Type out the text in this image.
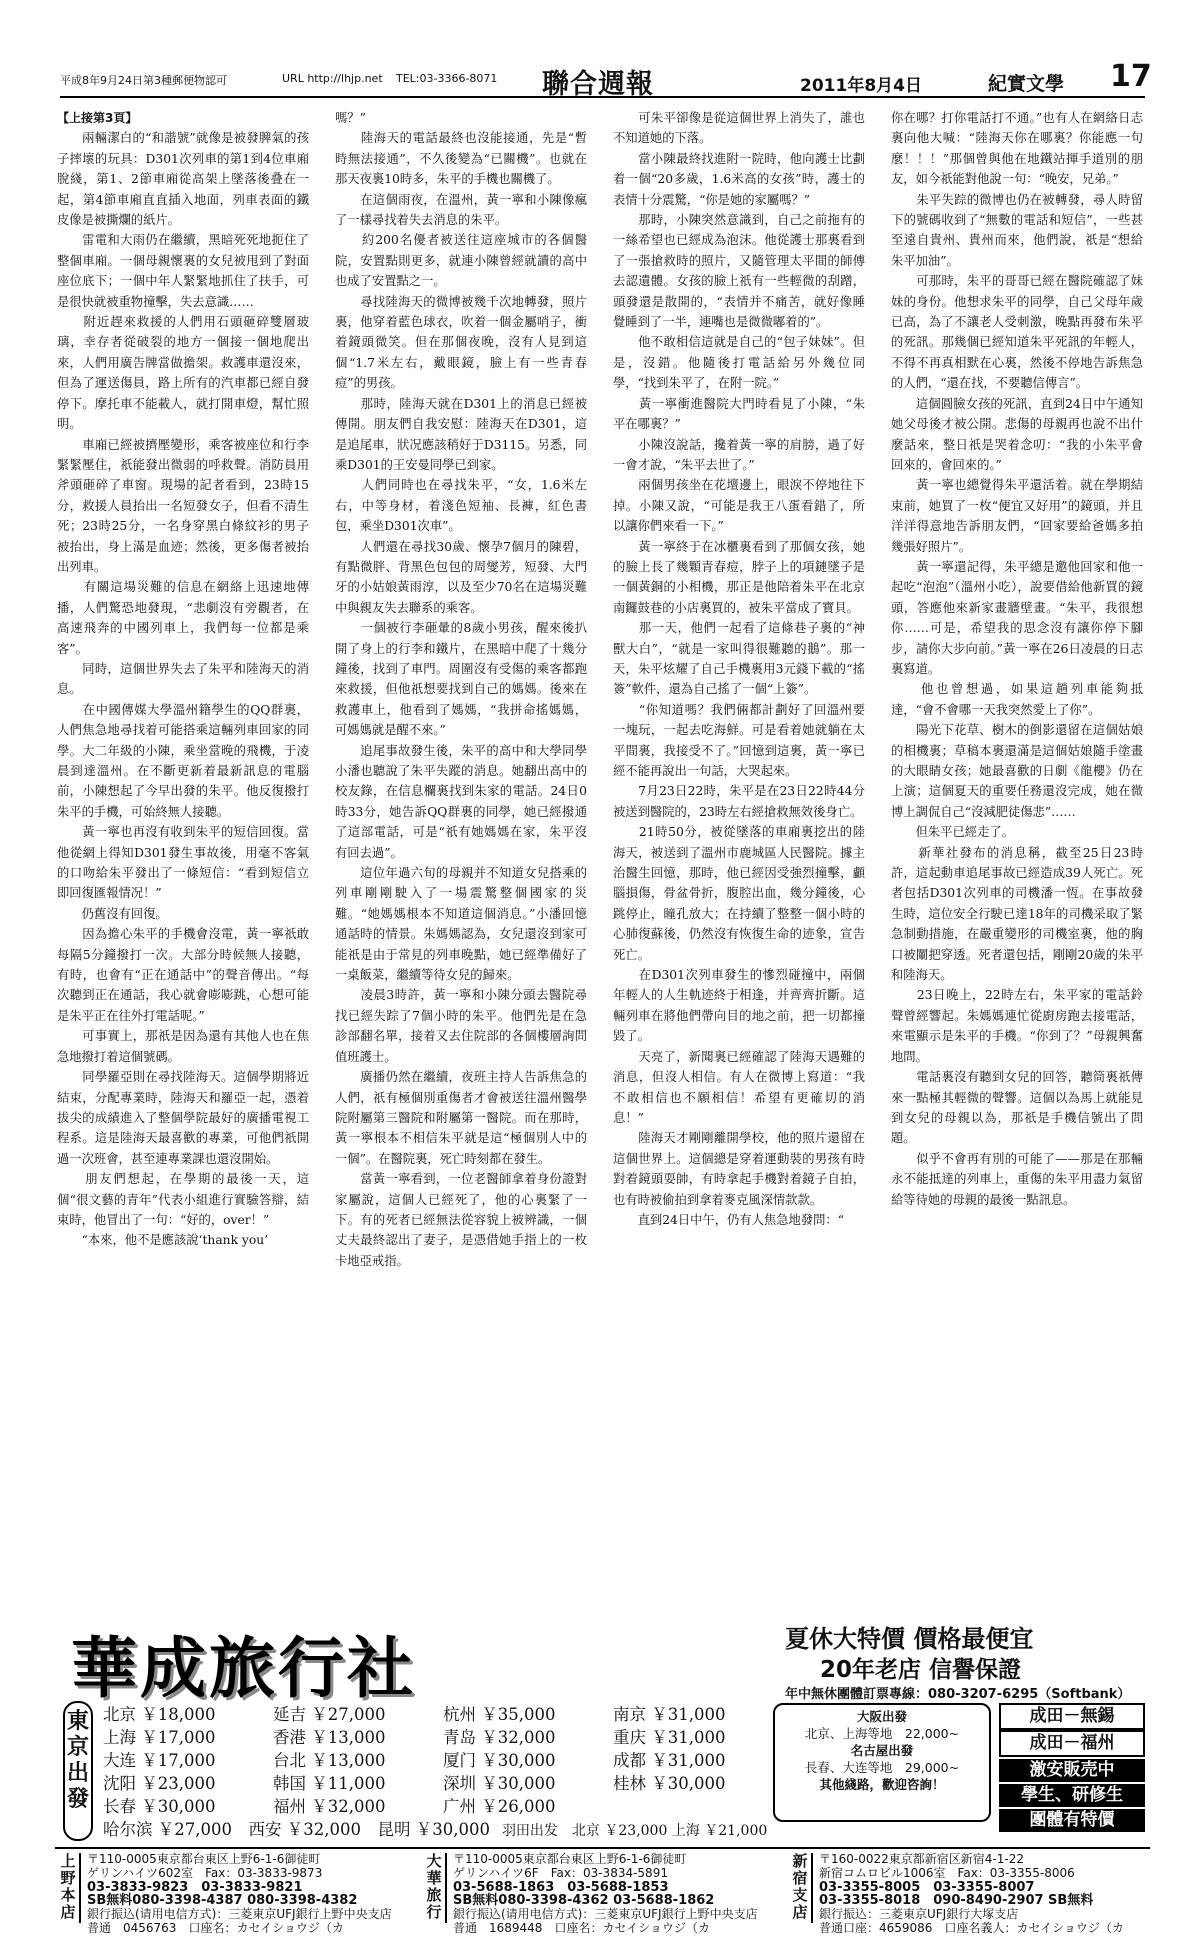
平成8年9月24日第3種郵便物認可	URL http://lhjp.net TEL:03-3366-8071 聯合週報	2011年8月4日	紀實文學 17
【上接第3頁】
　　兩輛潔白的“和諧號”就像是被發脾氣的孩子摔壞的玩具：D301次列車的第1到4位車廂脫綫，第1、2節車廂從高架上墜落後叠在一起，第4節車廂直直插入地面，列車表面的鐵皮像是被撕爛的紙片。
　　雷電和大雨仍在繼續，黑暗死死地扼住了整個車廂。一個母親懷裏的女兒被甩到了對面座位底下；一個中年人緊緊地抓住了扶手，可是很快就被重物撞擊，失去意識……
　　附近趕來救援的人們用石頭砸碎雙層玻璃，幸存者從破裂的地方一個接一個地爬出來，人們用廣告牌當做擔架。救護車還沒來，但為了運送傷員，路上所有的汽車都已經自發停下。摩托車不能載人，就打開車燈，幫忙照明。
　　車廂已經被擠壓變形，乘客被座位和行李緊緊壓住，祇能發出微弱的呼救聲。消防員用斧頭砸碎了車窗。現場的記者看到，23時15分，救援人員抬出一名短發女子，但看不清生死；23時25分，一名身穿黑白條紋衫的男子被抬出，身上滿是血迹；然後，更多傷者被抬出列車。
　　有關這場災難的信息在網絡上迅速地傳播，人們驚恐地發現，“悲劇沒有旁觀者，在高速飛奔的中國列車上，我們每一位都是乘客”。
　　同時，這個世界失去了朱平和陸海天的消息。
　　在中國傳媒大學溫州籍學生的QQ群裏，人們焦急地尋找着可能搭乘這輛列車回家的同學。大二年級的小陳，乘坐當晚的飛機，于凌晨到達溫州。在不斷更新着最新訊息的電腦前，小陳想起了今早出發的朱平。他反復撥打朱平的手機，可始終無人接聽。
　　黃一寧也再沒有收到朱平的短信回復。當他從網上得知D301發生事故後，用毫不客氣的口吻給朱平發出了一條短信：“看到短信立即回復匯報情况！”
　　仍舊沒有回復。
　　因為擔心朱平的手機會沒電，黃一寧祇敢每隔5分鐘撥打一次。大部分時候無人接聽，有時，也會有“正在通話中”的聲音傳出。“每次聽到正在通話，我心就會嘭嘭跳，心想可能是朱平正在往外打電話呢。”
　　可事實上，那祇是因為還有其他人也在焦急地撥打着這個號碼。
　　同學羅亞則在尋找陸海天。這個學期將近結束，分配專業時，陸海天和羅亞一起，憑着拔尖的成績進入了整個學院最好的廣播電視工程系。這是陸海天最喜歡的專業，可他們祇開過一次班會，甚至連專業課也還沒開始。
　　朋友們想起，在學期的最後一天，這個“很文藝的青年”代表小組進行實驗答辯，結束時，他冒出了一句：“好的，over！”
　　“本來，他不是應該說‘thank you’
嗎？”
　　陸海天的電話最終也沒能接通，先是“暫時無法接通”，不久後變為“已關機”。也就在那天夜裏10時多，朱平的手機也關機了。
　　在這個雨夜，在溫州，黃一寧和小陳像瘋了一樣尋找着失去消息的朱平。
　　約200名優者被送往這座城市的各個醫院，安置點則更多，就連小陳曾經就讀的高中也成了安置點之一。
　　尋找陸海天的微博被幾千次地轉發，照片裏，他穿着藍色球衣，吹着一個金屬哨子，衝着鏡頭微笑。但在那個夜晚，沒有人見到這個“1.7米左右，戴眼鏡，臉上有一些青春痘”的男孩。
　　那時，陸海天就在D301上的消息已經被傳開。朋友們自我安慰：陸海天在D301，這是追尾車，狀况應該稍好于D3115。另悉，同乘D301的王安曼同學已到家。
　　人們同時也在尋找朱平，“女，1.6米左右，中等身材，着淺色短袖、長褲，紅色書包，乘坐D301次車”。
　　人們還在尋找30歲、懷孕7個月的陳碧，有點微胖、背黑色包包的周燮芳，短發、大門牙的小姑娘黃雨淳，以及至少70名在這場災難中與親友失去聯系的乘客。
　　一個被行李砸暈的8歲小男孩，醒來後扒開了身上的行李和鐵片，在黑暗中爬了十幾分鐘後，找到了車門。周圍沒有受傷的乘客都跑來救援，但他祇想要找到自己的媽媽。後來在救護車上，他看到了媽媽，“我拼命搖媽媽，可媽媽就是醒不來。”
　　追尾事故發生後，朱平的高中和大學同學小潘也聽說了朱平失蹤的消息。她翻出高中的校友錄，在信息欄裏找到朱家的電話。24日0時33分，她告訴QQ群裏的同學，她已經撥通了這部電話，可是“祇有她媽媽在家，朱平沒有回去過”。
　　這位年過六旬的母親并不知道女兒搭乘的列車剛剛駛入了一場震驚整個國家的災難。“她媽媽根本不知道這個消息。”小潘回憶通話時的情景。朱媽媽認為，女兒還沒到家可能祇是由于常見的列車晚點，她已經準備好了一桌飯菜，繼續等待女兒的歸來。
　　凌晨3時許，黃一寧和小陳分頭去醫院尋找已經失踪了7個小時的朱平。他們先是在急診部翻名單，接着又去住院部的各個樓層詢問值班護士。
　　廣播仍然在繼續，夜班主持人告訴焦急的人們，祇有極個別重傷者才會被送往溫州醫學院附屬第三醫院和附屬第一醫院。而在那時，黃一寧根本不相信朱平就是這“極個別人中的一個”。在醫院裏，死亡時刻都在發生。
　　當黃一寧看到，一位老醫師拿着身份證對家屬說，這個人已經死了，他的心裏緊了一下。有的死者已經無法從容貌上被辨識，一個丈夫最終認出了妻子，是憑借她手指上的一枚卡地亞戒指。
　　可朱平卻像是從這個世界上消失了，誰也不知道她的下落。
　　當小陳最終找進附一院時，他向護士比劃着一個“20多歲，1.6米高的女孩”時，護士的表情十分震驚，“你是她的家屬嗎？”
　　那時，小陳突然意識到，自己之前拖有的一絲希望也已經成為泡沫。他從護士那裏看到了一張搶救時的照片，又隨管理太平間的師傅去認遺體。女孩的臉上祇有一些輕微的刮蹭，頭發還是散開的，“表情并不痛苦，就好像睡覺睡到了一半，連嘴也是微微嘟着的”。
　　他不敢相信這就是自己的“包子妹妹”。但是，沒錯。他隨後打電話給另外幾位同學，“找到朱平了，在附一院。”
　　黃一寧衝進醫院大門時看見了小陳，“朱平在哪裏？”
　　小陳沒說話，攙着黃一寧的肩膀，過了好一會才說，“朱平去世了。”
　　兩個男孩坐在花壇邊上，眼淚不停地往下掉。小陳又說，“可能是我王八蛋看錯了，所以讓你們來看一下。”
　　黃一寧終于在冰櫃裏看到了那個女孩，她的臉上長了幾顆青春痘，脖子上的項鏈墜子是一個黃銅的小相機，那正是他陪着朱平在北京南鑼鼓巷的小店裏買的，被朱平當成了寶貝。
　　那一天，他們一起看了這條巷子裏的“神獸大白”，“就是一家叫得很難聽的鵝”。那一天，朱平炫耀了自己手機裏用3元錢下載的“搖簽”軟件，還為自己搖了一個“上簽”。
　　“你知道嗎？我們倆都計劃好了回溫州要一塊玩，一起去吃海鮮。可是看着她就躺在太平間裏，我接受不了。”回憶到這裏，黃一寧已經不能再說出一句話，大哭起來。
　　7月23日22時，朱平是在23日22時44分被送到醫院的，23時左右經搶救無效後身亡。
　　21時50分，被從墜落的車廂裏挖出的陸海天，被送到了溫州市鹿城區人民醫院。據主治醫生回憶，那時，他已經因受強烈撞擊，顱腦損傷，骨盆骨折，腹腔出血，幾分鐘後，心跳停止，瞳孔放大；在持續了整整一個小時的心肺復蘇後，仍然沒有恢復生命的迹象，宣告死亡。
　　在D301次列車發生的慘烈碰撞中，兩個年輕人的人生軌迹終于相逢，并齊齊折斷。這輛列車在將他們帶向目的地之前，把一切都撞毀了。
　　天亮了，新聞裏已經確認了陸海天遇難的消息，但沒人相信。有人在微博上寫道：“我不敢相信也不願相信！希望有更確切的消息！”
　　陸海天才剛剛離開學校，他的照片還留在這個世界上。這個總是穿着運動裝的男孩有時對着鏡頭耍帥，有時拿起手機對着鏡子自拍，也有時被偷拍到拿着麥克風深情款款。
　　直到24日中午，仍有人焦急地發問：“
你在哪？打你電話打不通。”也有人在網絡日志裏向他大喊：“陸海天你在哪裏？你能應一句麼！！！”那個曾與他在地鐵站揮手道別的朋友，如今祇能對他說一句：“晚安，兄弟。”
　　朱平失踪的微博也仍在被轉發，尋人時留下的號碼收到了“無數的電話和短信”，一些甚至遠自貴州、貴州而來，他們說，祇是“想給朱平加油”。
　　可那時，朱平的哥哥已經在醫院確認了妹妹的身份。他想求朱平的同學，自己父母年歲已高，為了不讓老人受刺激，晚點再發布朱平的死訊。那幾個已經知道朱平死訊的年輕人，不得不再真相默在心裏，然後不停地告訴焦急的人們，“還在找，不要聽信傳言”。
　　這個圓臉女孩的死訊，直到24日中午通知她父母後才被公開。悲傷的母親再也說不出什麼話來，整日祇是哭着念叨：“我的小朱平會回來的，會回來的。”
　　黃一寧也總覺得朱平還活着。就在學期結束前，她買了一枚“便宜又好用”的鏡頭，并且洋洋得意地告訴朋友們，“回家要給爸媽多拍幾張好照片”。
　　黃一寧還記得，朱平總是邀他回家和他一起吃“泡泡”（溫州小吃），說要借給他新買的鏡頭，答應他來新家畫牆壁畫。“朱平，我很想你……可是，希望我的思念沒有讓你停下腳步，請你大步向前。”黃一寧在26日凌晨的日志裏寫道。
　　他也曾想過，如果這趟列車能夠抵達，“會不會哪一天我突然愛上了你”。
　　陽光下花草、樹木的倒影還留在這個姑娘的相機裏；草稿本裏還滿是這個姑娘隨手塗畫的大眼睛女孩；她最喜歡的日劇《龍櫻》仍在上演；這個夏天的重要任務還沒完成，她在微博上調侃自己“沒減肥徒傷悲”……
　　但朱平已經走了。
　　新華社發布的消息稱，截至25日23時許，這起動車追尾事故已經造成39人死亡。死者包括D301次列車的司機潘一恆。在事故發生時，這位安全行駛已達18年的司機采取了緊急制動措施，在嚴重變形的司機室裏，他的胸口被闡把穿透。死者還包括，剛剛20歲的朱平和陸海天。
　　23日晚上，22時左右，朱平家的電話鈴聲曾經響起。朱媽媽連忙從廚房跑去接電話，來電顯示是朱平的手機。“你到了？”母親興奮地問。
　　電話裏沒有聽到女兒的回答，聽筒裏祇傳來一點極其輕微的聲響。這個以為馬上就能見到女兒的母親以為，那祇是手機信號出了問題。
　　似乎不會再有別的可能了——那是在那輛永不能抵達的列車上，重傷的朱平用盡力氣留給等待她的母親的最後一點訊息。
華成旅行社	夏休大特價 價格最便宜
20年老店 信譽保證
年中無休團體訂票專線：080-3207-6295（Softbank）
東
京
出
發
北京 ￥18,000	延吉 ￥27,000	杭州 ￥35,000	南京 ￥31,000
上海 ￥17,000	香港 ￥13,000	青岛 ￥32,000	重庆 ￥31,000
大连 ￥17,000	台北 ￥13,000	厦门 ￥30,000	成都 ￥31,000
沈阳 ￥23,000	韩国 ￥11,000	深圳 ￥30,000	桂林 ￥30,000
长春 ￥30,000	福州 ￥32,000	广州 ￥26,000
哈尔滨 ￥27,000　西安 ￥32,000　昆明 ￥30,000 羽田出发　北京 ￥23,000 上海 ￥21,000
大阪出發
北京、上海等地　22,000~
名古屋出發
長春、大连等地　29,000~
其他綫路，歡迎咨詢！
成田－無錫
成田－福州
激安販売中
學生、研修生
團體有特價
上
野
本
店
〒110-0005東京都台東区上野6-1-6御徒町
ゲリンハイツ602室　Fax：03-3833-9873
03-3833-9823　03-3833-9821
SB無料080-3398-4387 080-3398-4382
銀行振込(请用电信方式)：三菱東京UFJ銀行上野中央支店
普通　0456763　口座名：カセイショウジ（カ
大
華
旅
行
〒110-0005東京都台東区上野6-1-6御徒町
ゲリンハイツ6F　Fax：03-3834-5891
03-5688-1863　03-5688-1853
SB無料080-3398-4362 03-5688-1862
銀行振込(请用电信方式)：三菱東京UFJ銀行上野中央支店
普通　1689448　口座名：カセイショウジ（カ
新
宿
支
店
〒160-0022東京都新宿区新宿4-1-22
新宿コムロビル1006室　Fax：03-3355-8006
03-3355-8005　03-3355-8007
03-3355-8018　090-8490-2907 SB無料
銀行振込：三菱東京UFJ銀行大塚支店
普通口座：4659086　口座名義人：カセイショウジ（カ
